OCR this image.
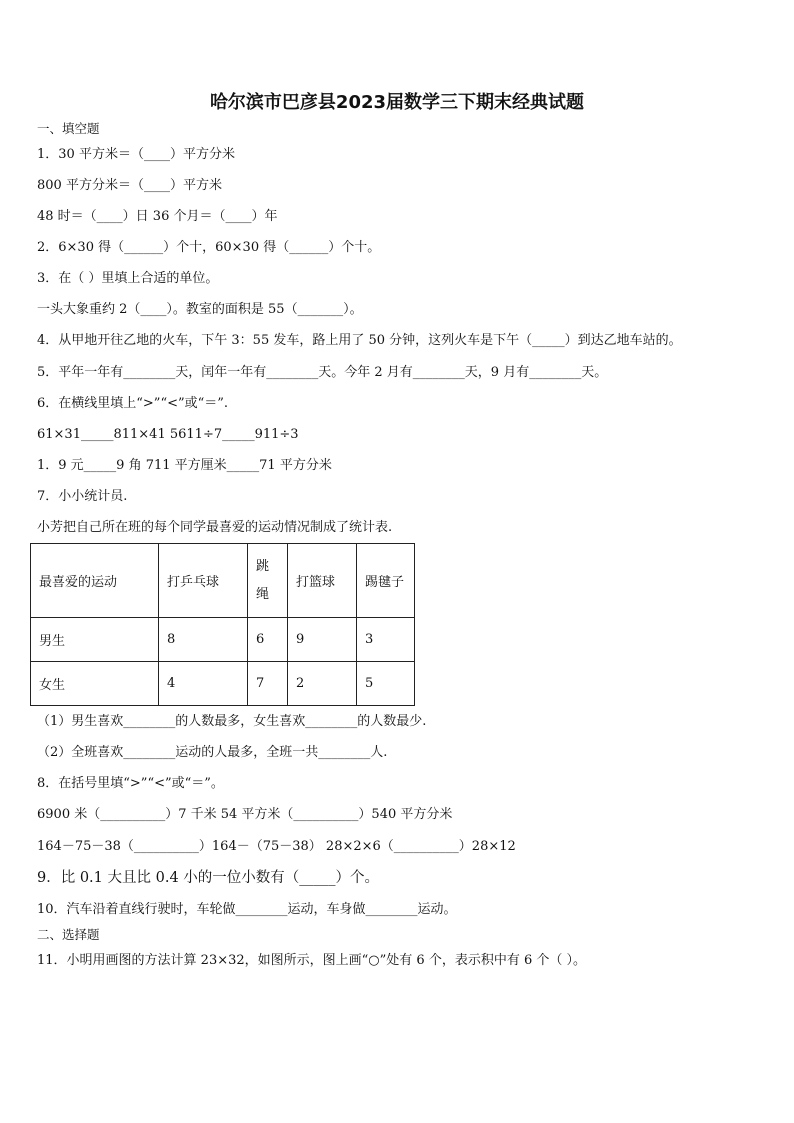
哈尔滨市巴彦县2023届数学三下期末经典试题
一、填空题
1．30 平方米＝（____）平方分米
800 平方分米＝（____）平方米
48 时＝（____）日 36 个月＝（____）年
2．6×30 得（______）个十，60×30 得（______）个十。
3．在（ ）里填上合适的单位。
一头大象重约 2（____）。教室的面积是 55（_______）。
4．从甲地开往乙地的火车，下午 3：55 发车，路上用了 50 分钟，这列火车是下午（_____）到达乙地车站的。
5．平年一年有________天，闰年一年有________天。今年 2 月有________天，9 月有________天。
6．在横线里填上“>”“<”或“＝”.
61×31_____811×41 5611÷7_____911÷3
1．9 元_____9 角 711 平方厘米_____71 平方分米
7．小小统计员.
小芳把自己所在班的每个同学最喜爱的运动情况制成了统计表.
最喜爱的运动	打乒乓球	跳绳	打篮球	踢毽子
男生	8	6	9	3
女生	4	7	2	5
（1）男生喜欢________的人数最多，女生喜欢________的人数最少.
（2）全班喜欢________运动的人最多，全班一共________人.
8．在括号里填“>”“<”或“＝”。
6900 米（__________）7 千米 54 平方米（__________）540 平方分米
164－75－38（__________）164－（75－38） 28×2×6（__________）28×12
9．比 0.1 大且比 0.4 小的一位小数有（_____）个。
10．汽车沿着直线行驶时，车轮做________运动，车身做________运动。
二、选择题
11．小明用画图的方法计算 23×32，如图所示，图上画“○”处有 6 个，表示积中有 6 个（ ）。
